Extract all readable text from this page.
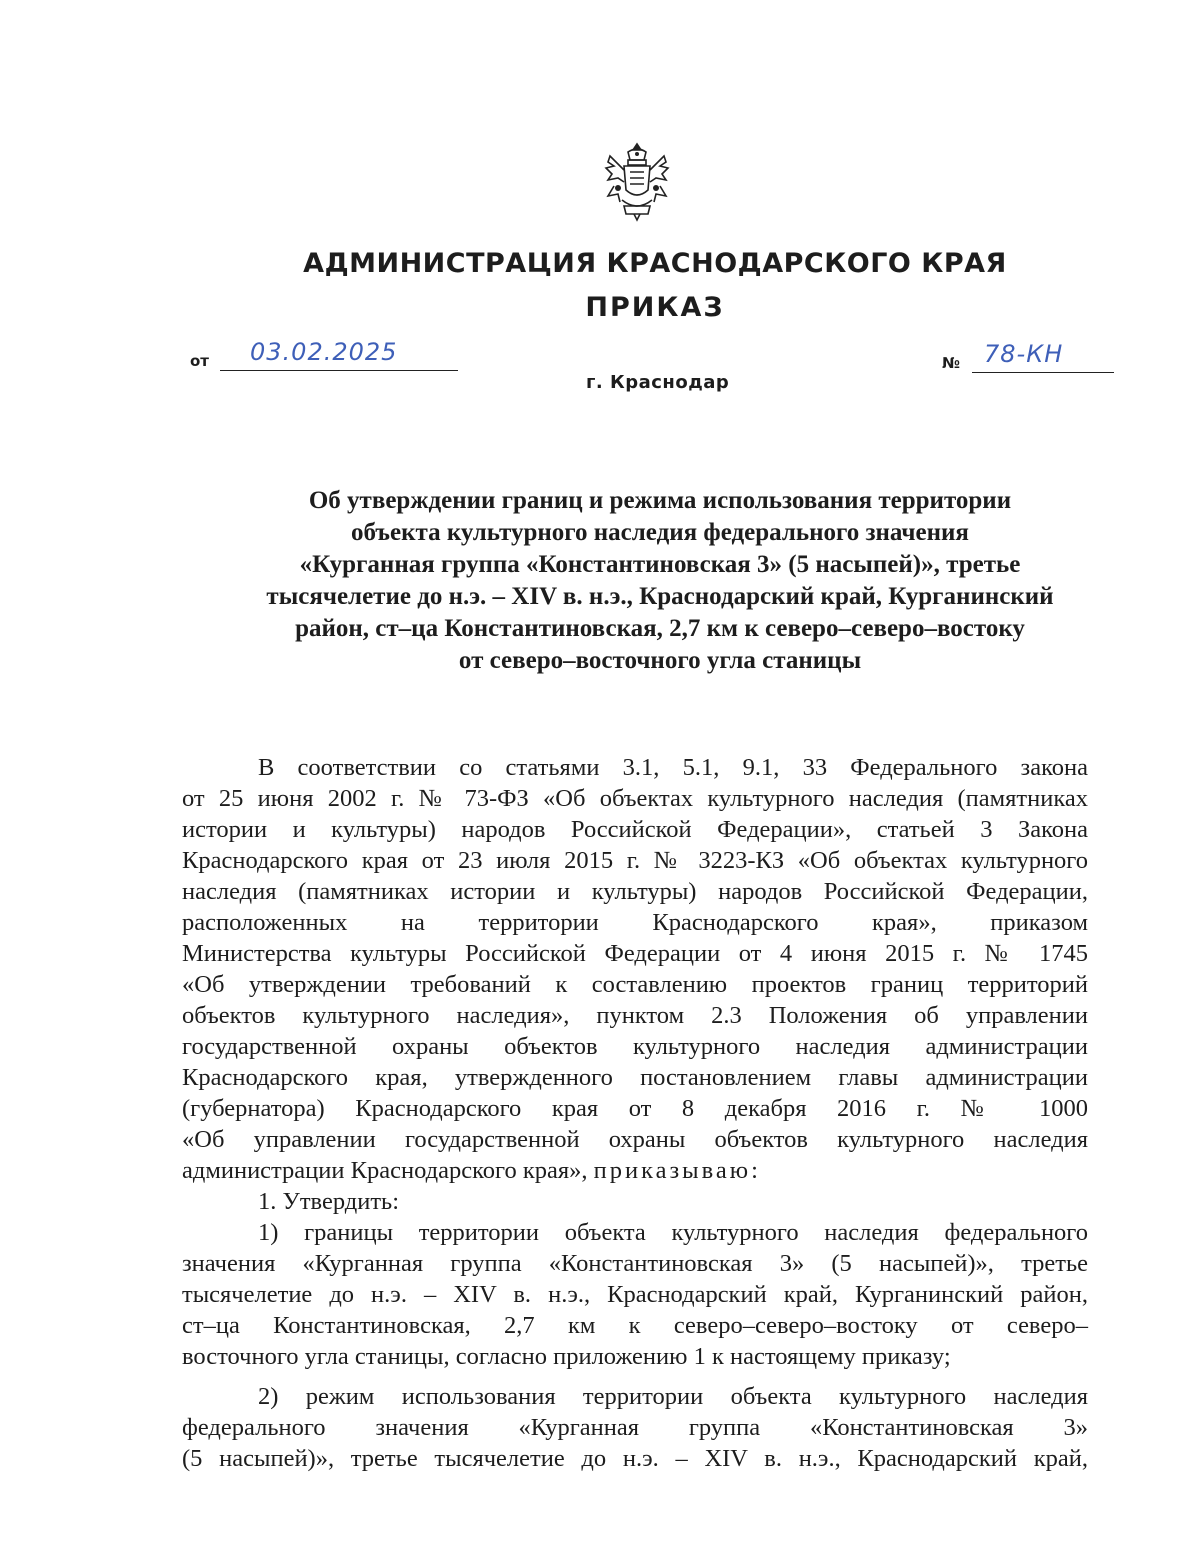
АДМИНИСТРАЦИЯ КРАСНОДАРСКОГО КРАЯ
ПРИКАЗ
от 03.02.2025
г. Краснодар
№ 78-КН
Об утверждении границ и режима использования территории
объекта культурного наследия федерального значения
«Курганная группа «Константиновская 3» (5 насыпей)», третье
тысячелетие до н.э. – XIV в. н.э., Краснодарский край, Курганинский
район, ст–ца Константиновская, 2,7 км к северо–северо–востоку
от северо–восточного угла станицы

В соответствии со статьями 3.1, 5.1, 9.1, 33 Федерального закона

от 25 июня 2002 г. № 73-ФЗ «Об объектах культурного наследия (памятниках

истории и культуры) народов Российской Федерации», статьей 3 Закона

Краснодарского края от 23 июля 2015 г. № 3223-КЗ «Об объектах культурного

наследия (памятниках истории и культуры) народов Российской Федерации,

расположенных на территории Краснодарского края», приказом

Министерства культуры Российской Федерации от 4 июня 2015 г. № 1745

«Об утверждении требований к составлению проектов границ территорий

объектов культурного наследия», пунктом 2.3 Положения об управлении

государственной охраны объектов культурного наследия администрации

Краснодарского края, утвержденного постановлением главы администрации

(губернатора) Краснодарского края от 8 декабря 2016 г. № 1000

«Об управлении государственной охраны объектов культурного наследия

администрации Краснодарского края», приказываю:

1. Утвердить:

1) границы территории объекта культурного наследия федерального

значения «Курганная группа «Константиновская 3» (5 насыпей)», третье

тысячелетие до н.э. – XIV в. н.э., Краснодарский край, Курганинский район,

ст–ца Константиновская, 2,7 км к северо–северо–востоку от северо–

восточного угла станицы, согласно приложению 1 к настоящему приказу;

2) режим использования территории объекта культурного наследия

федерального значения «Курганная группа «Константиновская 3»

(5 насыпей)», третье тысячелетие до н.э. – XIV в. н.э., Краснодарский край,
